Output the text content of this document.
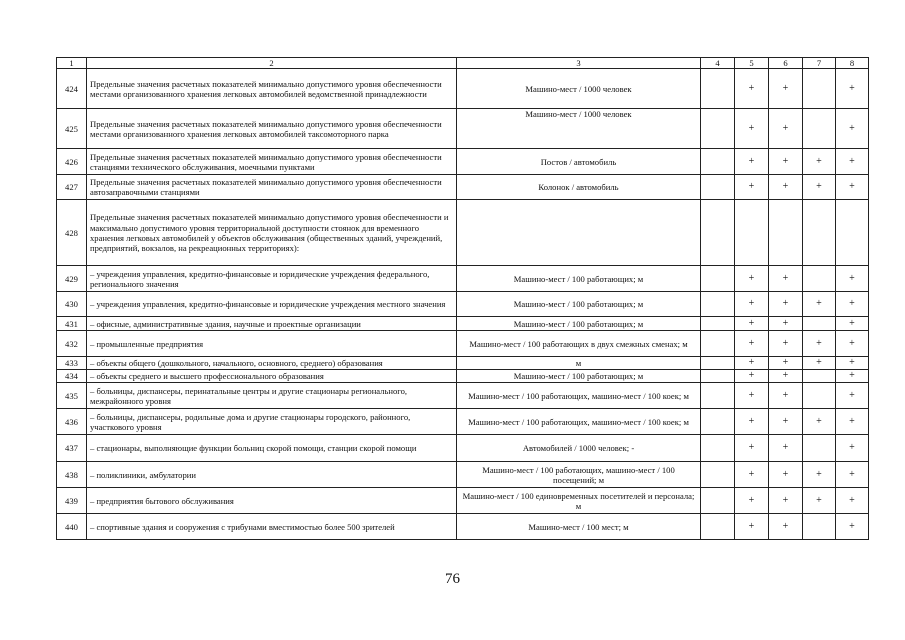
1	2	3	4	5	6	7	8
424	Предельные значения расчетных показателей минимально допустимого уровня обеспеченности местами организованного хранения легковых автомобилей ведомственной принадлежности	Машино-мест / 1000 человек		+	+		+
425	Предельные значения расчетных показателей минимально допустимого уровня обеспеченности местами организованного хранения легковых автомобилей таксомоторного парка	Машино-мест / 1000 человек		+	+		+
426	Предельные значения расчетных показателей минимально допустимого уровня обеспеченности станциями технического обслуживания, моечными пунктами	Постов / автомобиль		+	+	+	+
427	Предельные значения расчетных показателей минимально допустимого уровня обеспеченности автозаправочными станциями	Колонок / автомобиль		+	+	+	+
428	Предельные значения расчетных показателей минимально допустимого уровня обеспеченности и максимально допустимого уровня территориальной доступности стоянок для временного хранения легковых автомобилей у объектов обслуживания (общественных зданий, учреждений, предприятий, вокзалов, на рекреационных территориях):						
429	– учреждения управления, кредитно-финансовые и юридические учреждения федерального, регионального значения	Машино-мест / 100 работающих; м		+	+		+
430	– учреждения управления, кредитно-финансовые и юридические учреждения местного значения	Машино-мест / 100 работающих; м		+	+	+	+
431	– офисные, административные здания, научные и проектные организации	Машино-мест / 100 работающих; м		+	+		+
432	– промышленные предприятия	Машино-мест / 100 работающих в двух смежных сменах; м		+	+	+	+
433	– объекты общего (дошкольного, начального, основного, среднего) образования	м		+	+	+	+
434	– объекты среднего и высшего профессионального образования	Машино-мест / 100 работающих; м		+	+		+
435	– больницы, диспансеры, перинатальные центры и другие стационары регионального, межрайонного уровня	Машино-мест / 100 работающих, машино-мест / 100 коек; м		+	+		+
436	– больницы, диспансеры, родильные дома и другие стационары городского, районного, участкового уровня	Машино-мест / 100 работающих, машино-мест / 100 коек; м		+	+	+	+
437	– стационары, выполняющие функции больниц скорой помощи, станции скорой помощи	Автомобилей / 1000 человек; -		+	+		+
438	– поликлиники, амбулатории	Машино-мест / 100 работающих, машино-мест / 100 посещений; м		+	+	+	+
439	– предприятия бытового обслуживания	Машино-мест / 100 единовременных посетителей и персонала; м		+	+	+	+
440	– спортивные здания и сооружения с трибунами вместимостью более 500 зрителей	Машино-мест / 100 мест; м		+	+		+
76
